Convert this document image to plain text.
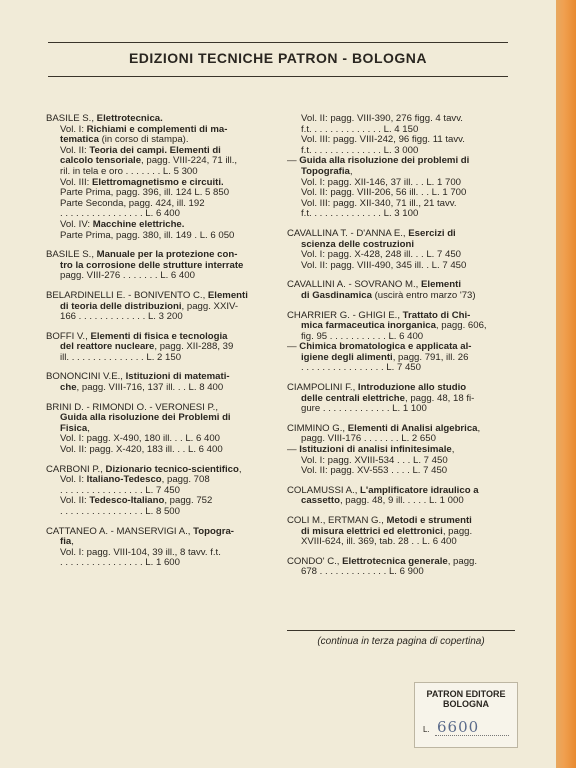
EDIZIONI TECNICHE PATRON - BOLOGNA
BASILE S., Elettrotecnica.
Vol. I: Richiami e complementi di ma-
tematica (in corso di stampa).
Vol. II: Teoria dei campi. Elementi di
calcolo tensoriale, pagg. VIII-224, 71 ill.,
ril. in tela e oro . . . . . . . L. 5 300
Vol. III: Elettromagnetismo e circuiti.
Parte Prima, pagg. 396, ill. 124 L. 5 850
Parte Seconda, pagg. 424, ill. 192
. . . . . . . . . . . . . . . . L. 6 400
Vol. IV: Macchine elettriche.
Parte Prima, pagg. 380, ill. 149 . L. 6 050
BASILE S., Manuale per la protezione con-
tro la corrosione delle strutture interrate
pagg. VIII-276 . . . . . . . L. 6 400
BELARDINELLI E. - BONIVENTO C., Elementi
di teoria delle distribuzioni, pagg. XXIV-
166 . . . . . . . . . . . . . L. 3 200
BOFFI V., Elementi di fisica e tecnologia
del reattore nucleare, pagg. XII-288, 39
ill. . . . . . . . . . . . . . . L. 2 150
BONONCINI V.E., Istituzioni di matemati-
che, pagg. VIII-716, 137 ill. . . L. 8 400
BRINI D. - RIMONDI O. - VERONESI P.,
Guida alla risoluzione dei Problemi di
Fisica,
Vol. I: pagg. X-490, 180 ill. . . L. 6 400
Vol. II: pagg. X-420, 183 ill. . . L. 6 400
CARBONI P., Dizionario tecnico-scientifico,
Vol. I: Italiano-Tedesco, pagg. 708
. . . . . . . . . . . . . . . . L. 7 450
Vol. II: Tedesco-Italiano, pagg. 752
. . . . . . . . . . . . . . . . L. 8 500
CATTANEO A. - MANSERVIGI A., Topogra-
fia,
Vol. I: pagg. VIII-104, 39 ill., 8 tavv. f.t.
. . . . . . . . . . . . . . . . L. 1 600
Vol. II: pagg. VIII-390, 276 figg. 4 tavv.
f.t. . . . . . . . . . . . . . L. 4 150
Vol. III: pagg. VIII-242, 96 figg. 11 tavv.
f.t. . . . . . . . . . . . . . L. 3 000
— Guida alla risoluzione dei problemi di
Topografia,
Vol. I: pagg. XII-146, 37 ill. . . L. 1 700
Vol. II: pagg. VIII-206, 56 ill. . . L. 1 700
Vol. III: pagg. XII-340, 71 ill., 21 tavv.
f.t. . . . . . . . . . . . . . L. 3 100
CAVALLINA T. - D'ANNA E., Esercizi di
scienza delle costruzioni
Vol. I: pagg. X-428, 248 ill. . . L. 7 450
Vol. II: pagg. VIII-490, 345 ill. . L. 7 450
CAVALLINI A. - SOVRANO M., Elementi
di Gasdinamica (uscirà entro marzo '73)
CHARRIER G. - GHIGI E., Trattato di Chi-
mica farmaceutica inorganica, pagg. 606,
fig. 95 . . . . . . . . . . . L. 6 400
— Chimica bromatologica e applicata al-
igiene degli alimenti, pagg. 791, ill. 26
. . . . . . . . . . . . . . . . L. 7 450
CIAMPOLINI F., Introduzione allo studio
delle centrali elettriche, pagg. 48, 18 fi-
gure . . . . . . . . . . . . . L. 1 100
CIMMINO G., Elementi di Analisi algebrica,
pagg. VIII-176 . . . . . . . L. 2 650
— Istituzioni di analisi infinitesimale,
Vol. I: pagg. XVIII-534 . . . L. 7 450
Vol. II: pagg. XV-553 . . . . L. 7 450
COLAMUSSI A., L'amplificatore idraulico a
cassetto, pagg. 48, 9 ill. . . . . L. 1 000
COLI M., ERTMAN G., Metodi e strumenti
di misura elettrici ed elettronici, pagg.
XVIII-624, ill. 369, tab. 28 . . L. 6 400
CONDO' C., Elettrotecnica generale, pagg.
678 . . . . . . . . . . . . . L. 6 900
(continua in terza pagina di copertina)
PATRON EDITORE
BOLOGNA
L. 6600
